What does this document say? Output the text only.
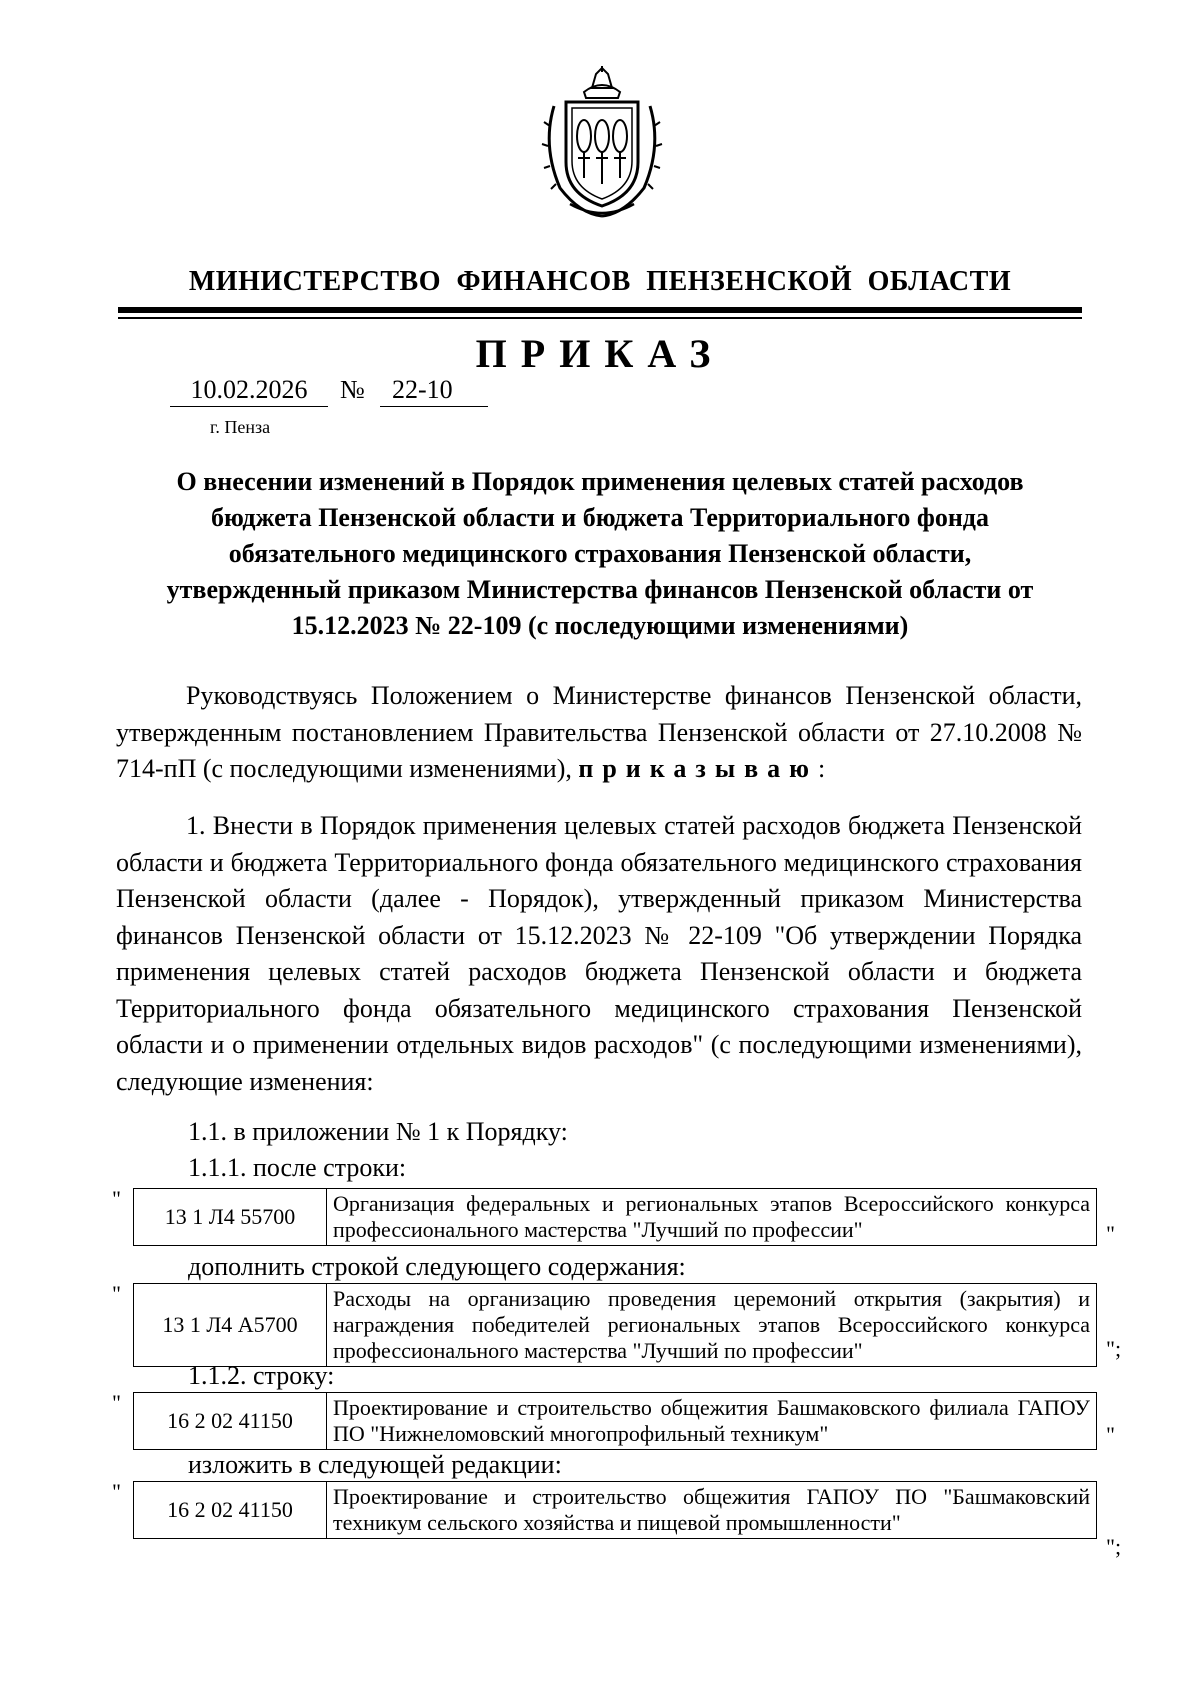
МИНИСТЕРСТВО ФИНАНСОВ ПЕНЗЕНСКОЙ ОБЛАСТИ
ПРИКАЗ
10.02.2026	№	22-10
г. Пенза
О внесении изменений в Порядок применения целевых статей расходов
бюджета Пензенской области и бюджета Территориального фонда
обязательного медицинского страхования Пензенской области,
утвержденный приказом Министерства финансов Пензенской области от
15.12.2023 № 22-109 (с последующими изменениями)
Руководствуясь Положением о Министерстве финансов Пензенской области, утвержденным постановлением Правительства Пензенской области от 27.10.2008 № 714-пП (с последующими изменениями), приказываю:
1. Внести в Порядок применения целевых статей расходов бюджета Пензенской области и бюджета Территориального фонда обязательного медицинского страхования Пензенской области (далее - Порядок), утвержденный приказом Министерства финансов Пензенской области от 15.12.2023 № 22-109 "Об утверждении Порядка применения целевых статей расходов бюджета Пензенской области и бюджета Территориального фонда обязательного медицинского страхования Пензенской области и о применении отдельных видов расходов" (с последующими изменениями), следующие изменения:
1.1. в приложении № 1 к Порядку:
1.1.1. после строки:
"
13 1 Л4 55700	Организация федеральных и региональных этапов Всероссийского конкурса профессионального мастерства "Лучший по профессии"	"
дополнить строкой следующего содержания:
"
13 1 Л4 А5700	Расходы на организацию проведения церемоний открытия (закрытия) и награждения победителей региональных этапов Всероссийского конкурса профессионального мастерства "Лучший по профессии"	";
1.1.2. строку:
"
16 2 02 41150	Проектирование и строительство общежития Башмаковского филиала ГАПОУ ПО "Нижнеломовский многопрофильный техникум"	"
изложить в следующей редакции:
"
16 2 02 41150	Проектирование и строительство общежития ГАПОУ ПО "Башмаковский техникум сельского хозяйства и пищевой промышленности"
";
